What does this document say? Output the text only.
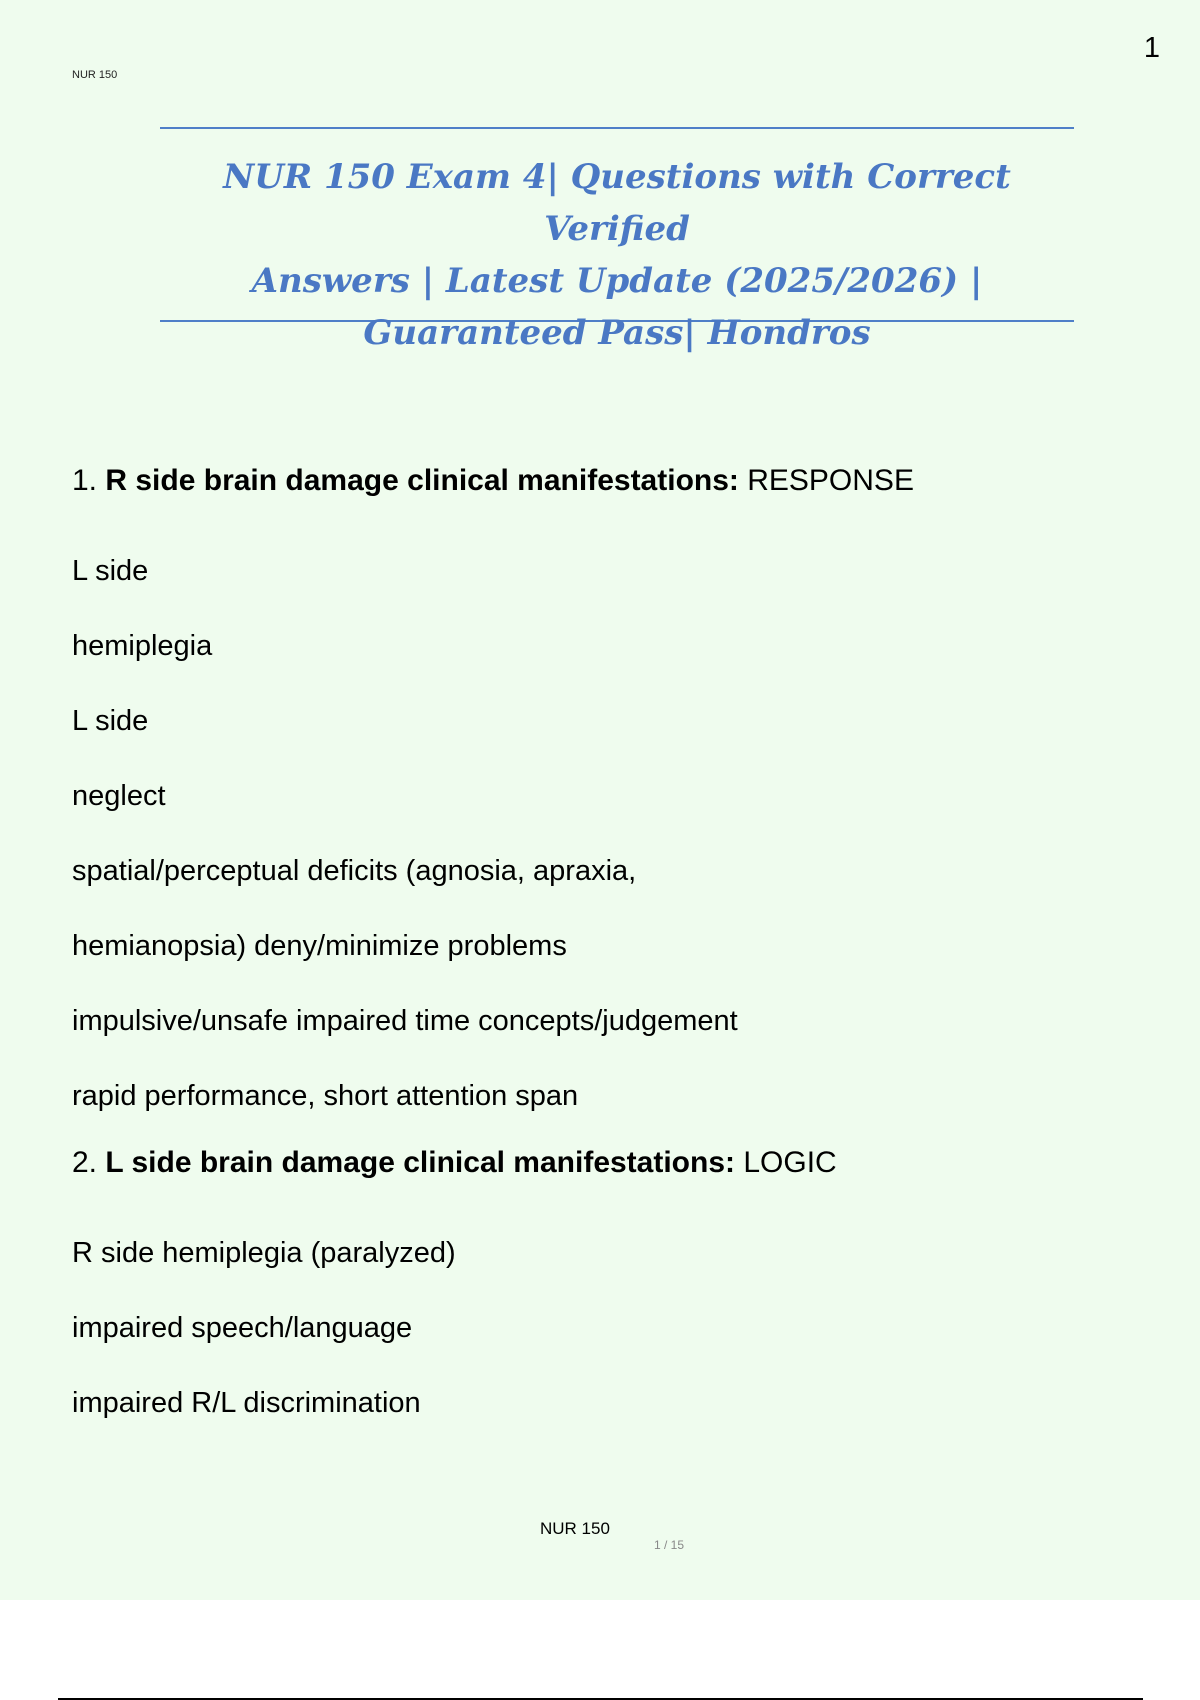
NUR 150
1
NUR 150 Exam 4| Questions with Correct Verified
Answers | Latest Update (2025/2026) |
Guaranteed Pass| Hondros

1. R side brain damage clinical manifestations: RESPONSE

L side

hemiplegia

L side

neglect

spatial/perceptual deficits (agnosia, apraxia,

hemianopsia) deny/minimize problems

impulsive/unsafe impaired time concepts/judgement

rapid performance, short attention span

2. L side brain damage clinical manifestations: LOGIC

R side hemiplegia (paralyzed)

impaired speech/language

impaired R/L discrimination

NUR 150
1 / 15
